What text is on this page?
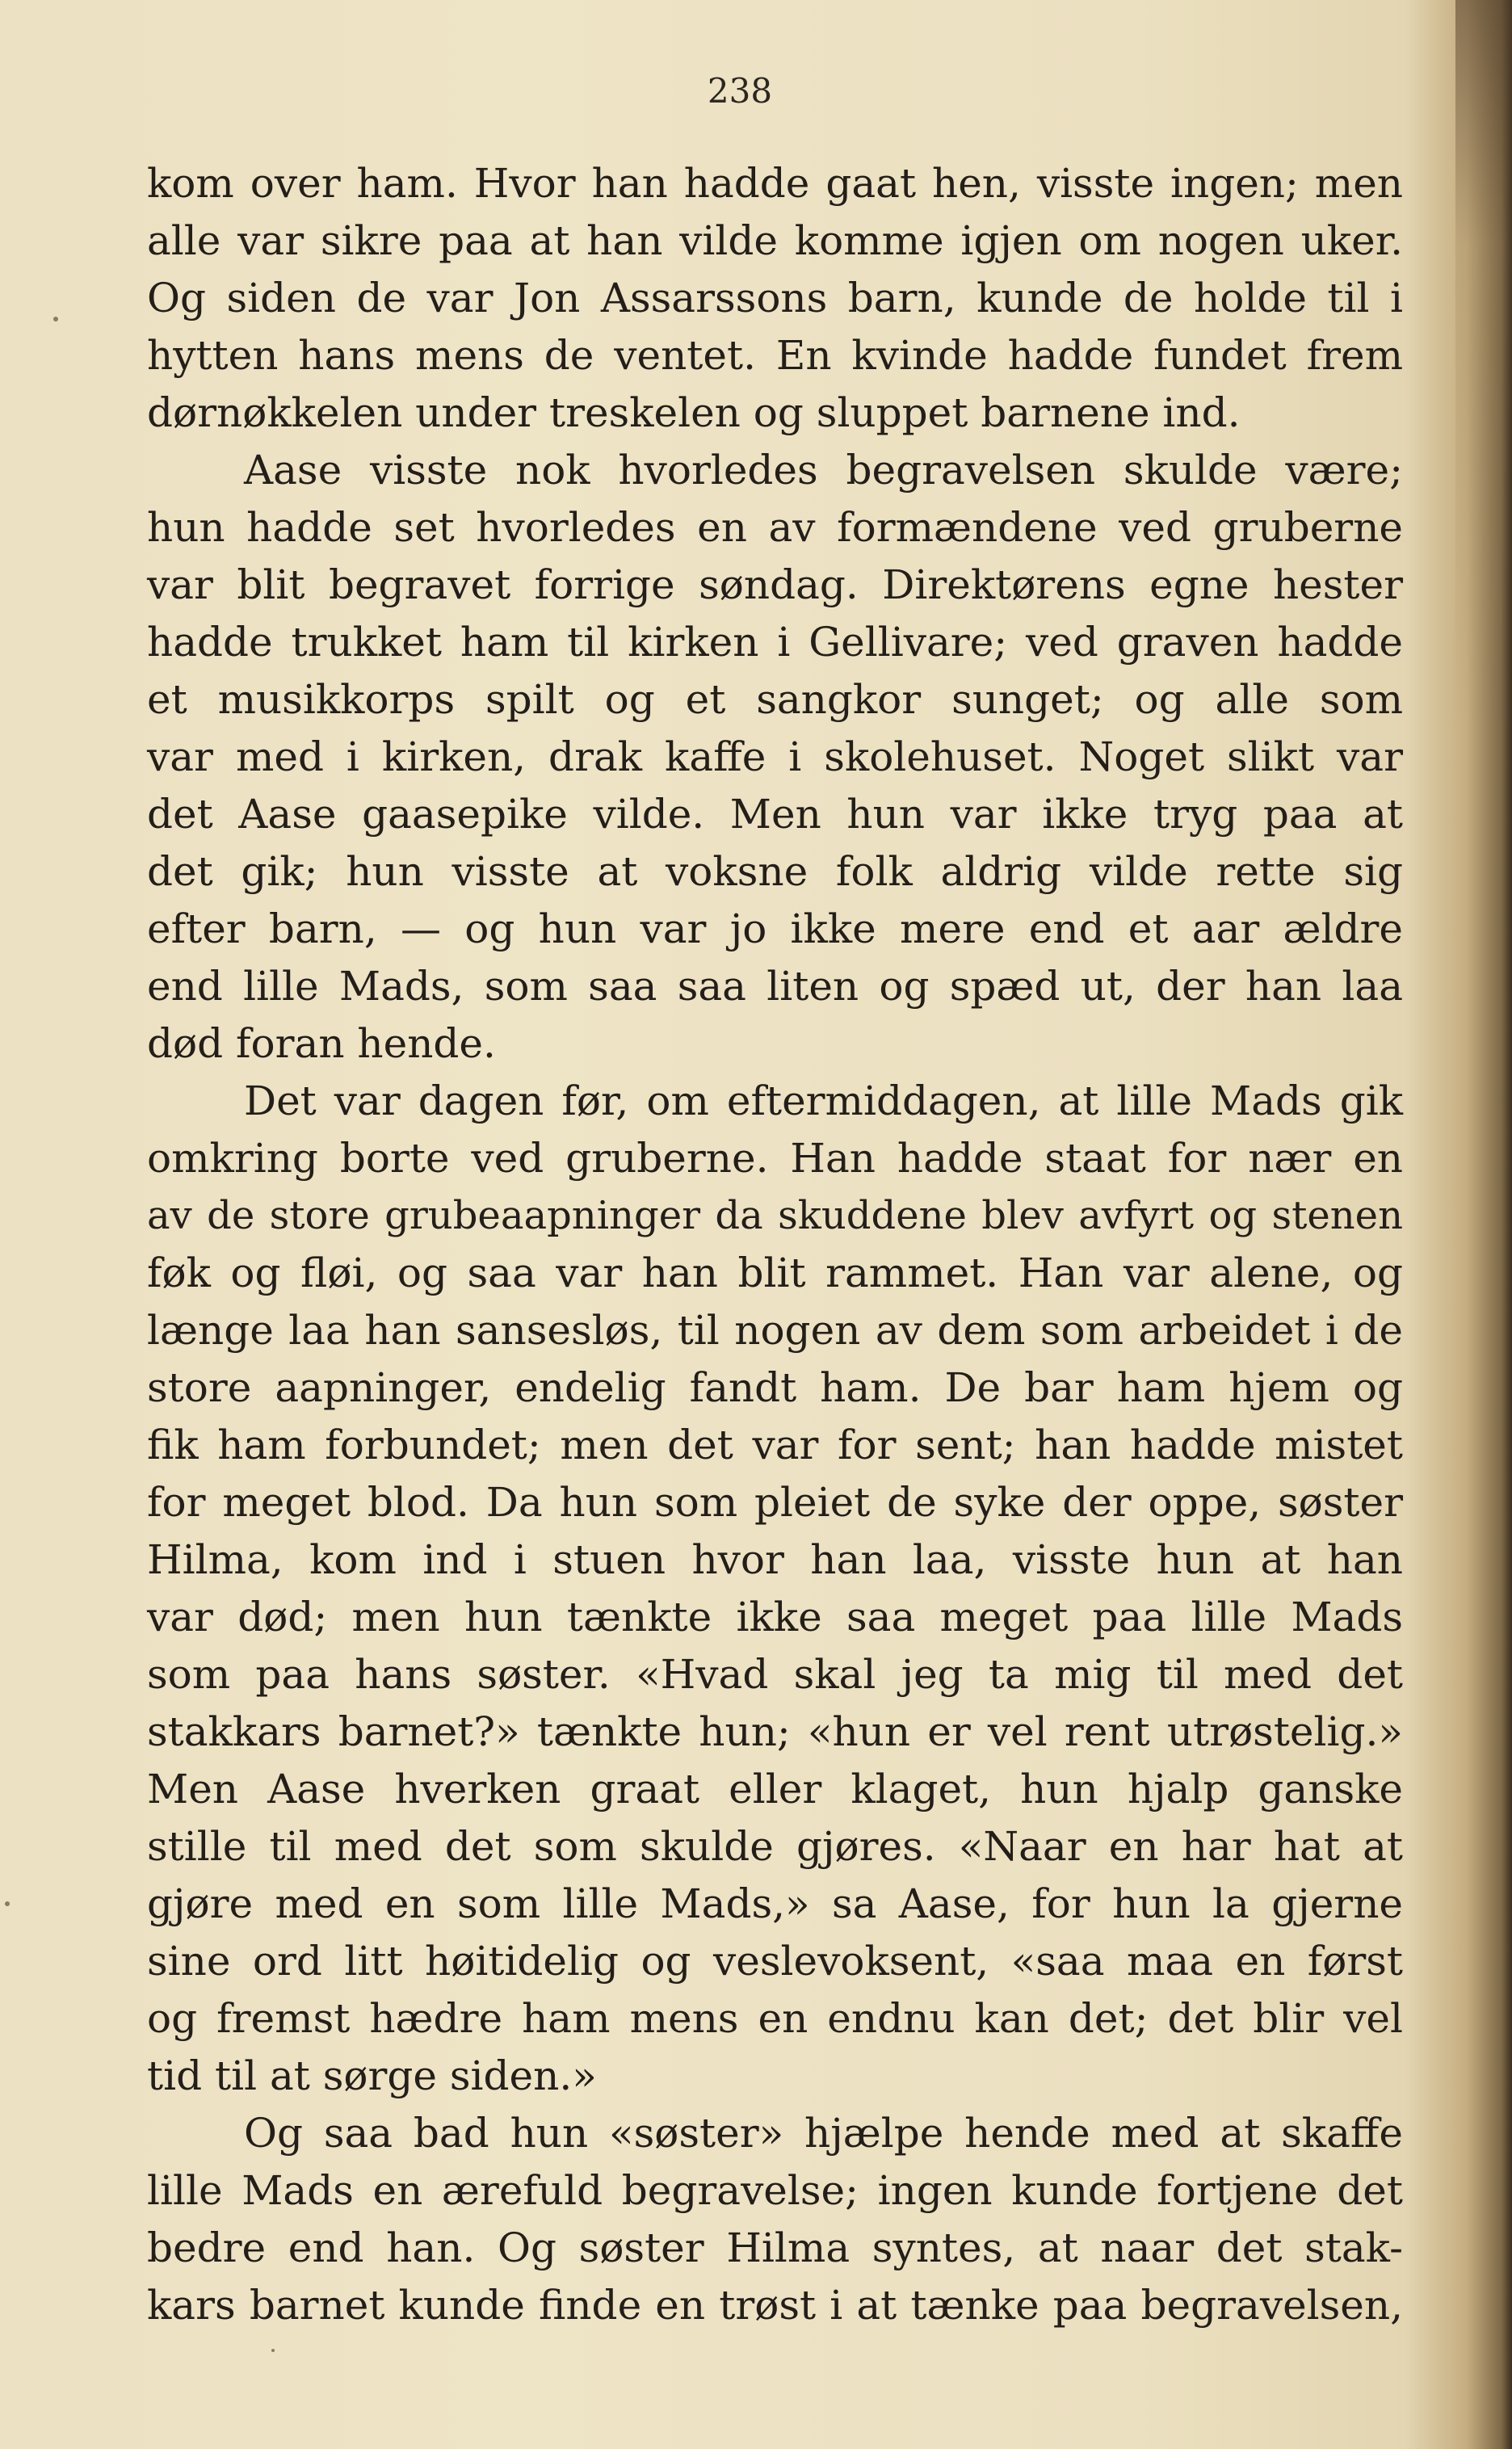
238

kom over ham. Hvor han hadde gaat hen, visste ingen; men
alle var sikre paa at han vilde komme igjen om nogen uker.
Og siden de var Jon Assarssons barn, kunde de holde til i
hytten hans mens de ventet. En kvinde hadde fundet frem
dørnøkkelen under treskelen og sluppet barnene ind.
Aase visste nok hvorledes begravelsen skulde være;
hun hadde set hvorledes en av formændene ved gruberne
var blit begravet forrige søndag. Direktørens egne hester
hadde trukket ham til kirken i Gellivare; ved graven hadde
et musikkorps spilt og et sangkor sunget; og alle som
var med i kirken, drak kaffe i skolehuset. Noget slikt var
det Aase gaasepike vilde. Men hun var ikke tryg paa at
det gik; hun visste at voksne folk aldrig vilde rette sig
efter barn, — og hun var jo ikke mere end et aar ældre
end lille Mads, som saa saa liten og spæd ut, der han laa
død foran hende.
Det var dagen før, om eftermiddagen, at lille Mads gik
omkring borte ved gruberne. Han hadde staat for nær en
av de store grubeaapninger da skuddene blev avfyrt og stenen
føk og fløi, og saa var han blit rammet. Han var alene, og
længe laa han sansesløs, til nogen av dem som arbeidet i de
store aapninger, endelig fandt ham. De bar ham hjem og
fik ham forbundet; men det var for sent; han hadde mistet
for meget blod. Da hun som pleiet de syke der oppe, søster
Hilma, kom ind i stuen hvor han laa, visste hun at han
var død; men hun tænkte ikke saa meget paa lille Mads
som paa hans søster. «Hvad skal jeg ta mig til med det
stakkars barnet?» tænkte hun; «hun er vel rent utrøstelig.»
Men Aase hverken graat eller klaget, hun hjalp ganske
stille til med det som skulde gjøres. «Naar en har hat at
gjøre med en som lille Mads,» sa Aase, for hun la gjerne
sine ord litt høitidelig og veslevoksent, «saa maa en først
og fremst hædre ham mens en endnu kan det; det blir vel
tid til at sørge siden.»
Og saa bad hun «søster» hjælpe hende med at skaffe
lille Mads en ærefuld begravelse; ingen kunde fortjene det
bedre end han. Og søster Hilma syntes, at naar det stak-
kars barnet kunde finde en trøst i at tænke paa begravelsen,
